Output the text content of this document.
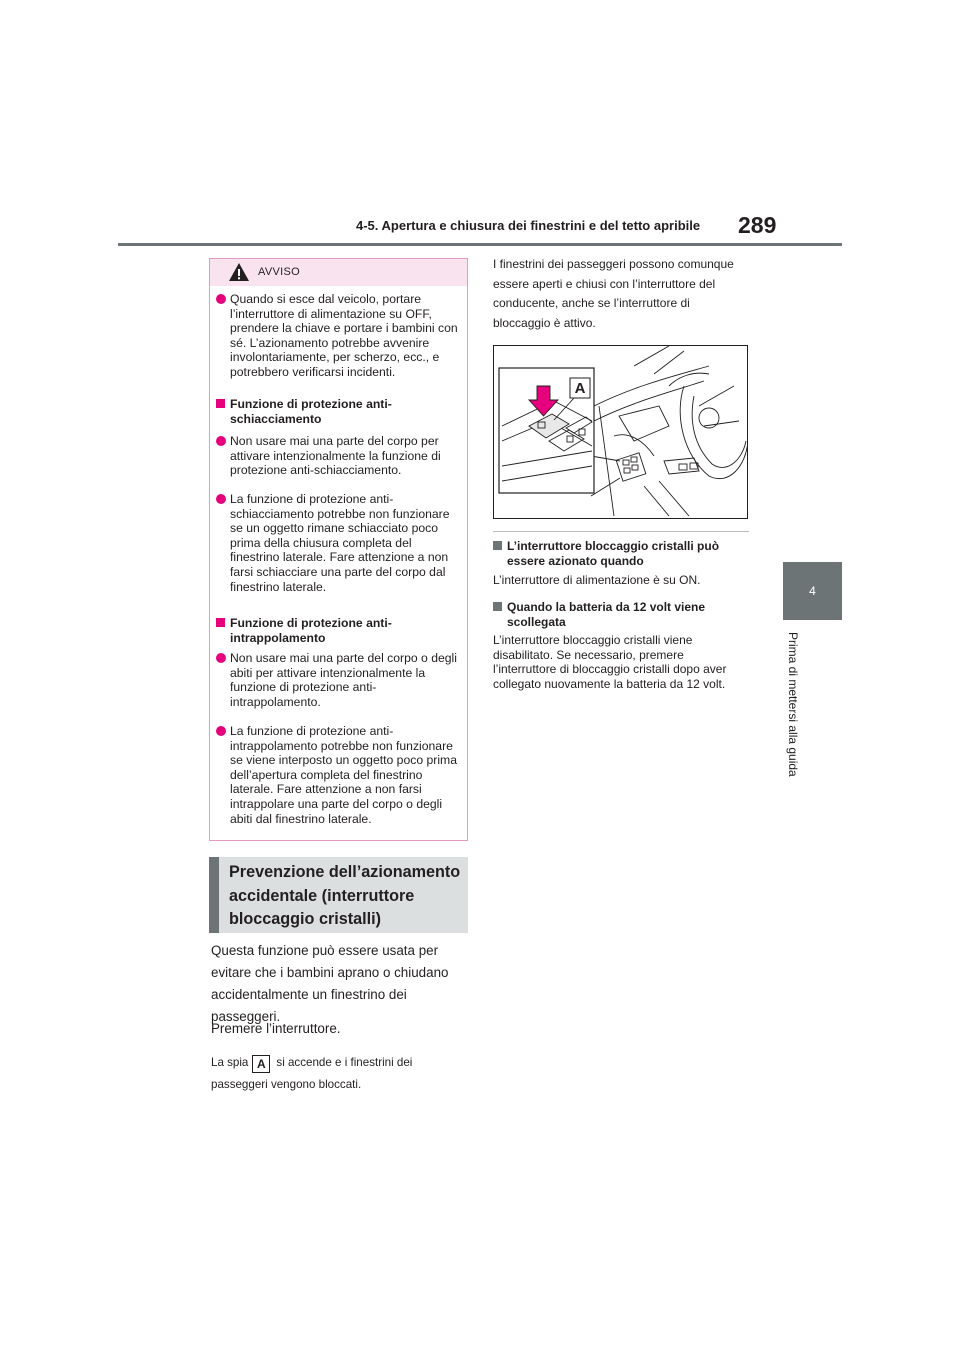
4-5. Apertura e chiusura dei finestrini e del tetto apribile 289
4
Prima di mettersi alla guida
AVVISO
Quando si esce dal veicolo, portare l’interruttore di alimentazione su OFF, prendere la chiave e portare i bambini con sé. L’azionamento potrebbe avvenire involontariamente, per scherzo, ecc., e potrebbero verificarsi incidenti.
Funzione di protezione anti-schiacciamento
Non usare mai una parte del corpo per attivare intenzionalmente la funzione di protezione anti-schiacciamento.
La funzione di protezione anti-schiacciamento potrebbe non funzionare se un oggetto rimane schiacciato poco prima della chiusura completa del finestrino laterale. Fare attenzione a non farsi schiacciare una parte del corpo dal finestrino laterale.
Funzione di protezione anti-intrappolamento
Non usare mai una parte del corpo o degli abiti per attivare intenzionalmente la funzione di protezione anti-intrappolamento.
La funzione di protezione anti-intrappolamento potrebbe non funzionare se viene interposto un oggetto poco prima dell’apertura completa del finestrino laterale. Fare attenzione a non farsi intrappolare una parte del corpo o degli abiti dal finestrino laterale.
Prevenzione dell’azionamento accidentale (interruttore bloccaggio cristalli)
Questa funzione può essere usata per evitare che i bambini aprano o chiudano accidentalmente un finestrino dei passeggeri.
Premere l’interruttore.
La spia A si accende e i finestrini dei passeggeri vengono bloccati.
I finestrini dei passeggeri possono comunque essere aperti e chiusi con l’interruttore del conducente, anche se l’interruttore di bloccaggio è attivo.
A
L’interruttore bloccaggio cristalli può essere azionato quando
L’interruttore di alimentazione è su ON.
Quando la batteria da 12 volt viene scollegata
L’interruttore bloccaggio cristalli viene disabilitato. Se necessario, premere l’interruttore di bloccaggio cristalli dopo aver collegato nuovamente la batteria da 12 volt.
